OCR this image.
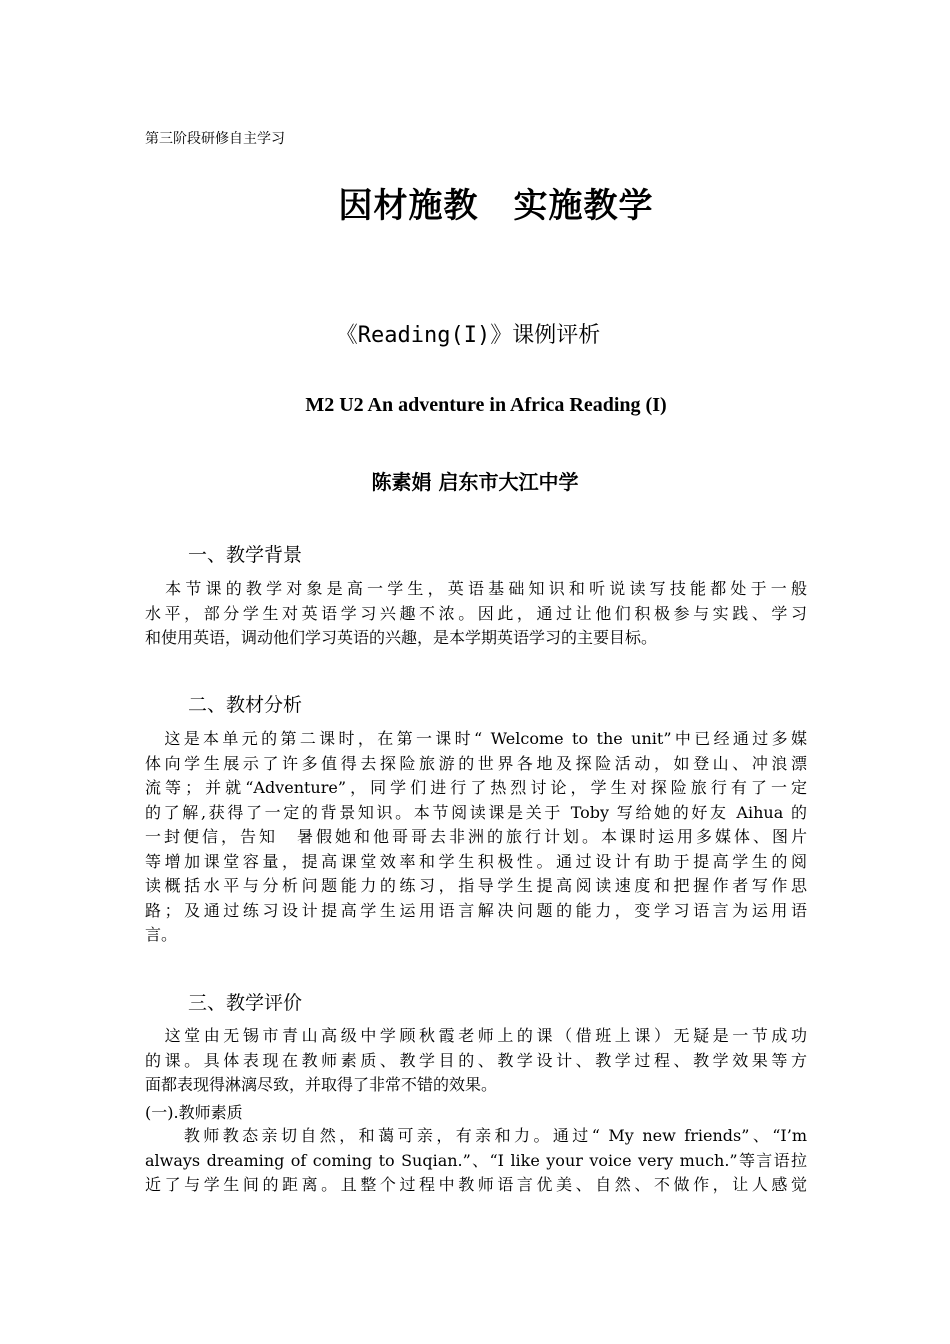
第三阶段研修自主学习
因材施教　实施教学
《Reading(I)》课例评析
M2 U2 An adventure in Africa Reading (I)
陈素娟 启东市大江中学
一、教学背景
　本节课的教学对象是高一学生，英语基础知识和听说读写技能都处于一般
水平，部分学生对英语学习兴趣不浓。因此，通过让他们积极参与实践、学习
和使用英语，调动他们学习英语的兴趣，是本学期英语学习的主要目标。
二、教材分析
　这是本单元的第二课时，在第一课时“ Welcome to the unit”中已经通过多媒
体向学生展示了许多值得去探险旅游的世界各地及探险活动，如登山、冲浪漂
流等；并就“Adventure”，同学们进行了热烈讨论，学生对探险旅行有了一定
的了解,获得了一定的背景知识。本节阅读课是关于 Toby 写给她的好友 Aihua 的
一封便信，告知　暑假她和他哥哥去非洲的旅行计划。本课时运用多媒体、图片
等增加课堂容量，提高课堂效率和学生积极性。通过设计有助于提高学生的阅
读概括水平与分析问题能力的练习，指导学生提高阅读速度和把握作者写作思
路；及通过练习设计提高学生运用语言解决问题的能力，变学习语言为运用语
言。
三、教学评价
　这堂由无锡市青山高级中学顾秋霞老师上的课（借班上课）无疑是一节成功
的课。具体表现在教师素质、教学目的、教学设计、教学过程、教学效果等方
面都表现得淋漓尽致，并取得了非常不错的效果。
(一).教师素质
　　教师教态亲切自然，和蔼可亲，有亲和力。通过“ My new friends”、“I’m
always dreaming of coming to Suqian.”、“I like your voice very much.”等言语拉
近了与学生间的距离。且整个过程中教师语言优美、自然、不做作，让人感觉
